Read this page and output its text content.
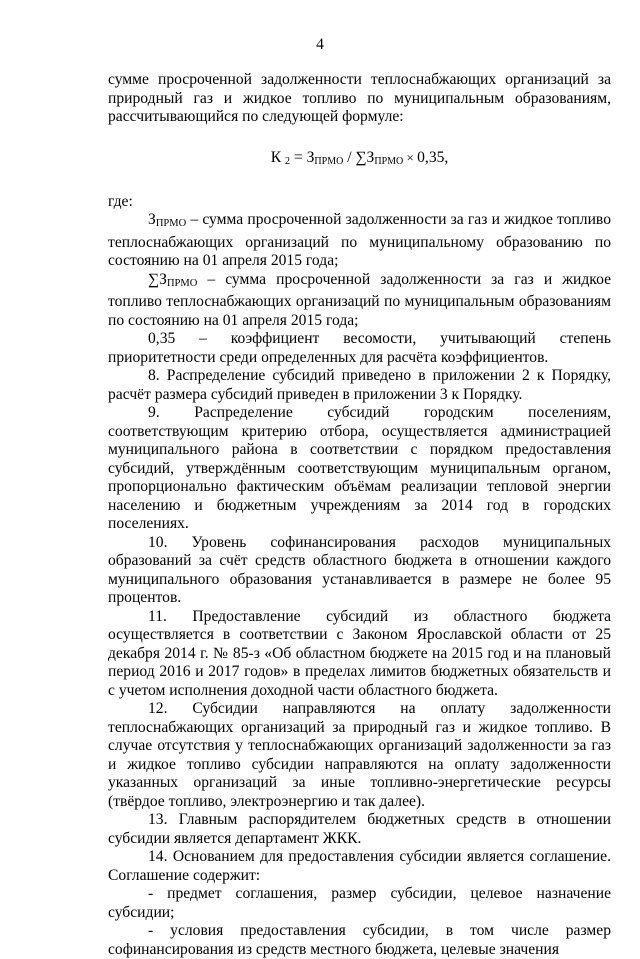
4

сумме просроченной задолженности теплоснабжающих организаций за природный газ и жидкое топливо по муниципальным образованиям, рассчитывающийся по следующей формуле:

К $_2 = З_{ПРМО} / \sum З_{ПРМО} \times 0,35$,

где:

ЗПРМО – сумма просроченной задолженности за газ и жидкое топливо теплоснабжающих организаций по муниципальному образованию по состоянию на 01 апреля 2015 года;

∑ЗПРМО – сумма просроченной задолженности за газ и жидкое топливо теплоснабжающих организаций по муниципальным образованиям по состоянию на 01 апреля 2015 года;

0,35 – коэффициент весомости, учитывающий степень приоритетности среди определенных для расчёта коэффициентов.

8. Распределение субсидий приведено в приложении 2 к Порядку, расчёт размера субсидий приведен в приложении 3 к Порядку.

9. Распределение субсидий городским поселениям, соответствующим критерию отбора, осуществляется администрацией муниципального района в соответствии с порядком предоставления субсидий, утверждённым соответствующим муниципальным органом, пропорционально фактическим объёмам реализации тепловой энергии населению и бюджетным учреждениям за 2014 год в городских поселениях.

10. Уровень софинансирования расходов муниципальных образований за счёт средств областного бюджета в отношении каждого муниципального образования устанавливается в размере не более 95 процентов.

11. Предоставление субсидий из областного бюджета осуществляется в соответствии с Законом Ярославской области от 25 декабря 2014 г. № 85-з «Об областном бюджете на 2015 год и на плановый период 2016 и 2017 годов» в пределах лимитов бюджетных обязательств и с учетом исполнения доходной части областного бюджета.

12. Субсидии направляются на оплату задолженности теплоснабжающих организаций за природный газ и жидкое топливо. В случае отсутствия у теплоснабжающих организаций задолженности за газ и жидкое топливо субсидии направляются на оплату задолженности указанных организаций за иные топливно-энергетические ресурсы (твёрдое топливо, электроэнергию и так далее).

13. Главным распорядителем бюджетных средств в отношении субсидии является департамент ЖКК.

14. Основанием для предоставления субсидии является соглашение. Соглашение содержит:

- предмет соглашения, размер субсидии, целевое назначение субсидии;

- условия предоставления субсидии, в том числе размер софинансирования из средств местного бюджета, целевые значения
